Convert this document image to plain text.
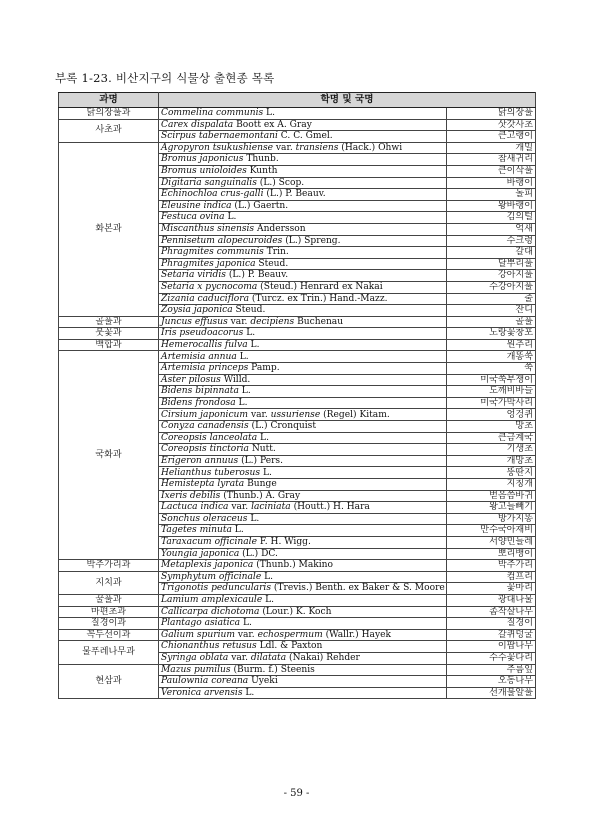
부록 1-23. 비산지구의 식물상 출현종 목록
과명	학명 및 국명	
닭의장풀과	Commelina communis L.	닭의장풀
사초과	Carex dispalata Boott ex A. Gray	삿갓사초
	Scirpus tabernaemontani C. C. Gmel.	큰고랭이
화본과	Agropyron tsukushiense var. transiens (Hack.) Ohwi	개밀
	Bromus japonicus Thunb.	참새귀리
	Bromus unioloides Kunth	큰이삭풀
	Digitaria sanguinalis (L.) Scop.	바랭이
	Echinochloa crus-galli (L.) P. Beauv.	돌피
	Eleusine indica (L.) Gaertn.	왕바랭이
	Festuca ovina L.	김의털
	Miscanthus sinensis Andersson	억새
	Pennisetum alopecuroides (L.) Spreng.	수크령
	Phragmites communis Trin.	갈대
	Phragmites japonica Steud.	달뿌리풀
	Setaria viridis (L.) P. Beauv.	강아지풀
	Setaria x pycnocoma (Steud.) Henrard ex Nakai	수강아지풀
	Zizania caduciflora (Turcz. ex Trin.) Hand.-Mazz.	줄
	Zoysia japonica Steud.	잔디
골풀과	Juncus effusus var. decipiens Buchenau	골풀
붓꽃과	Iris pseudoacorus L.	노랑꽃창포
백합과	Hemerocallis fulva L.	원추리
국화과	Artemisia annua L.	개똥쑥
	Artemisia princeps Pamp.	쑥
	Aster pilosus Willd.	미국쑥부쟁이
	Bidens bipinnata L.	도깨비바늘
	Bidens frondosa L.	미국가막사리
	Cirsium japonicum var. ussuriense (Regel) Kitam.	엉겅퀴
	Conyza canadensis (L.) Cronquist	망초
	Coreopsis lanceolata L.	큰금계국
	Coreopsis tinctoria Nutt.	기생초
	Erigeron annuus (L.) Pers.	개망초
	Helianthus tuberosus L.	뚱딴지
	Hemistepta lyrata Bunge	지칭개
	Ixeris debilis (Thunb.) A. Gray	벋음씀바귀
	Lactuca indica var. laciniata (Houtt.) H. Hara	왕고들빼기
	Sonchus oleraceus L.	방가지똥
	Tagetes minuta L.	만수국아재비
	Taraxacum officinale F. H. Wigg.	서양민들레
	Youngia japonica (L.) DC.	뽀리뱅이
박주가리과	Metaplexis japonica (Thunb.) Makino	박주가리
지치과	Symphytum officinale L.	컴프리
	Trigonotis peduncularis (Trevis.) Benth. ex Baker & S. Moore	꽃마리
꿀풀과	Lamium amplexicaule L.	광대나물
마편초과	Callicarpa dichotoma (Lour.) K. Koch	좀작살나무
질경이과	Plantago asiatica L.	질경이
꼭두선이과	Galium spurium var. echospermum (Wallr.) Hayek	갈퀴덩굴
물푸레나무과	Chionanthus retusus Ldl. & Paxton	이팝나무
	Syringa oblata var. dilatata (Nakai) Rehder	수수꽃다리
현삼과	Mazus pumilus (Burm. f.) Steenis	주름잎
	Paulownia coreana Uyeki	오동나무
	Veronica arvensis L.	선개불알풀
- 59 -
